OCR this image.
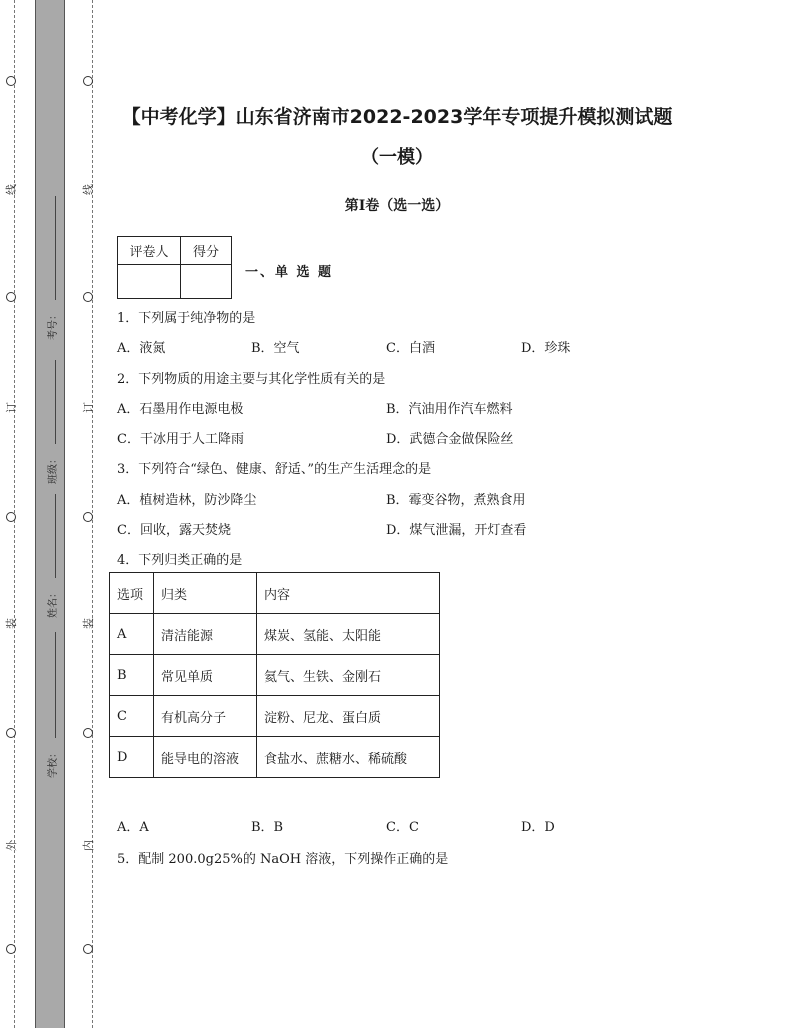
线
订
装
外
线
订
装
内
考号：
班级：
姓名：
学校：
【中考化学】山东省济南市2022-2023学年专项提升模拟测试题
（一模）
第I卷（选一选）
评卷人	得分

一、单 选 题
1．下列属于纯净物的是
A．液氮	B．空气	C．白酒	D．珍珠
2．下列物质的用途主要与其化学性质有关的是
A．石墨用作电源电极	B．汽油用作汽车燃料
C．干冰用于人工降雨	D．武德合金做保险丝
3．下列符合“绿色、健康、舒适、”的生产生活理念的是
A．植树造林，防沙降尘	B．霉变谷物，煮熟食用
C．回收，露天焚烧	D．煤气泄漏，开灯查看
4．下列归类正确的是
选项	归类	内容
A	清洁能源	煤炭、氢能、太阳能
B	常见单质	氦气、生铁、金刚石
C	有机高分子	淀粉、尼龙、蛋白质
D	能导电的溶液	食盐水、蔗糖水、稀硫酸
A．A	B．B	C．C	D．D
5．配制 200.0g25%的 NaOH 溶液，下列操作正确的是
